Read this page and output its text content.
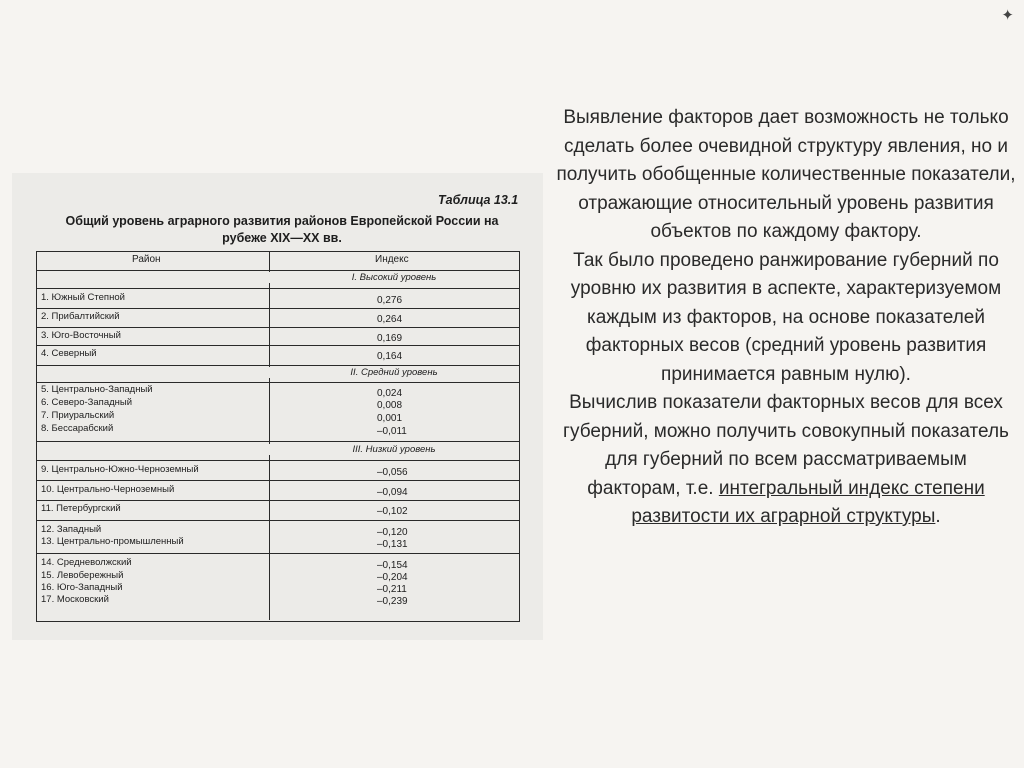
✦
Таблица 13.1
Общий уровень аграрного развития районов Европейской России на рубеже XIX—XX вв.
Район	Индекс
I. Высокий уровень
1. Южный Степной	0,276
2. Прибалтийский	0,264
3. Юго-Восточный	0,169
4. Северный	0,164
II. Средний уровень
5. Центрально-Западный	0,024
6. Северо-Западный	0,008
7. Приуральский	0,001
8. Бессарабский	–0,011
III. Низкий уровень
9. Центрально-Южно-Черноземный	–0,056
10. Центрально-Черноземный	–0,094
11. Петербургский	–0,102
12. Западный	–0,120
13. Центрально-промышленный	–0,131
14. Средневолжский	–0,154
15. Левобережный	–0,204
16. Юго-Западный	–0,211
17. Московский	–0,239

Выявление факторов дает возможность не только сделать более очевидной структуру явления, но и получить обобщенные количественные показатели, отражающие относительный уровень развития объектов по каждому фактору.

Так было проведено ранжирование губерний по уровню их развития в аспекте, характеризуемом каждым из факторов, на основе показателей факторных весов (средний уровень развития принимается равным нулю).

Вычислив показатели факторных весов для всех губерний, можно получить совокупный показатель для губерний по всем рассматриваемым факторам, т.е. интегральный индекс степени развитости их аграрной структуры.
